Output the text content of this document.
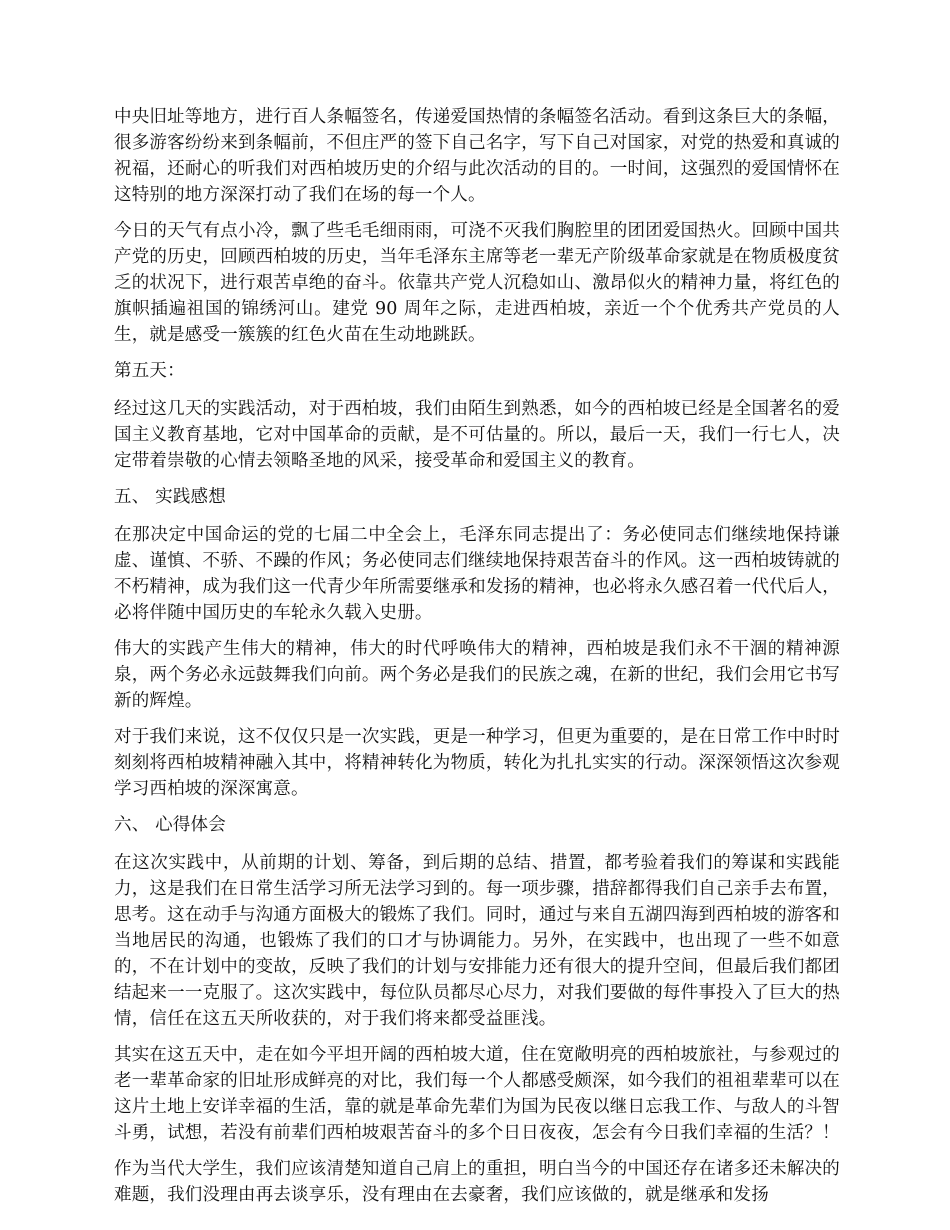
中央旧址等地方，进行百人条幅签名，传递爱国热情的条幅签名活动。看到这条巨大的条幅，很多游客纷纷来到条幅前，不但庄严的签下自己名字，写下自己对国家，对党的热爱和真诚的祝福，还耐心的听我们对西柏坡历史的介绍与此次活动的目的。一时间，这强烈的爱国情怀在这特别的地方深深打动了我们在场的每一个人。

今日的天气有点小冷，飘了些毛毛细雨雨，可浇不灭我们胸腔里的团团爱国热火。回顾中国共产党的历史，回顾西柏坡的历史，当年毛泽东主席等老一辈无产阶级革命家就是在物质极度贫乏的状况下，进行艰苦卓绝的奋斗。依靠共产党人沉稳如山、激昂似火的精神力量，将红色的旗帜插遍祖国的锦绣河山。建党 90 周年之际，走进西柏坡，亲近一个个优秀共产党员的人生，就是感受一簇簇的红色火苗在生动地跳跃。

第五天：

经过这几天的实践活动，对于西柏坡，我们由陌生到熟悉，如今的西柏坡已经是全国著名的爱国主义教育基地，它对中国革命的贡献，是不可估量的。所以，最后一天，我们一行七人，决定带着崇敬的心情去领略圣地的风采，接受革命和爱国主义的教育。

五、 实践感想

在那决定中国命运的党的七届二中全会上，毛泽东同志提出了：务必使同志们继续地保持谦虚、谨慎、不骄、不躁的作风；务必使同志们继续地保持艰苦奋斗的作风。这一西柏坡铸就的不朽精神，成为我们这一代青少年所需要继承和发扬的精神，也必将永久感召着一代代后人，必将伴随中国历史的车轮永久载入史册。

伟大的实践产生伟大的精神，伟大的时代呼唤伟大的精神，西柏坡是我们永不干涸的精神源泉，两个务必永远鼓舞我们向前。两个务必是我们的民族之魂，在新的世纪，我们会用它书写新的辉煌。

对于我们来说，这不仅仅只是一次实践，更是一种学习，但更为重要的，是在日常工作中时时刻刻将西柏坡精神融入其中，将精神转化为物质，转化为扎扎实实的行动。深深领悟这次参观学习西柏坡的深深寓意。

六、 心得体会

在这次实践中，从前期的计划、筹备，到后期的总结、措置，都考验着我们的筹谋和实践能力，这是我们在日常生活学习所无法学习到的。每一项步骤，措辞都得我们自己亲手去布置，思考。这在动手与沟通方面极大的锻炼了我们。同时，通过与来自五湖四海到西柏坡的游客和当地居民的沟通，也锻炼了我们的口才与协调能力。另外，在实践中，也出现了一些不如意的，不在计划中的变故，反映了我们的计划与安排能力还有很大的提升空间，但最后我们都团结起来一一克服了。这次实践中，每位队员都尽心尽力，对我们要做的每件事投入了巨大的热情，信任在这五天所收获的，对于我们将来都受益匪浅。

其实在这五天中，走在如今平坦开阔的西柏坡大道，住在宽敞明亮的西柏坡旅社，与参观过的老一辈革命家的旧址形成鲜亮的对比，我们每一个人都感受颇深，如今我们的祖祖辈辈可以在这片土地上安详幸福的生活，靠的就是革命先辈们为国为民夜以继日忘我工作、与敌人的斗智斗勇，试想，若没有前辈们西柏坡艰苦奋斗的多个日日夜夜，怎会有今日我们幸福的生活？！

作为当代大学生，我们应该清楚知道自己肩上的重担，明白当今的中国还存在诸多还未解决的难题，我们没理由再去谈享乐，没有理由在去豪奢，我们应该做的，就是继承和发扬
